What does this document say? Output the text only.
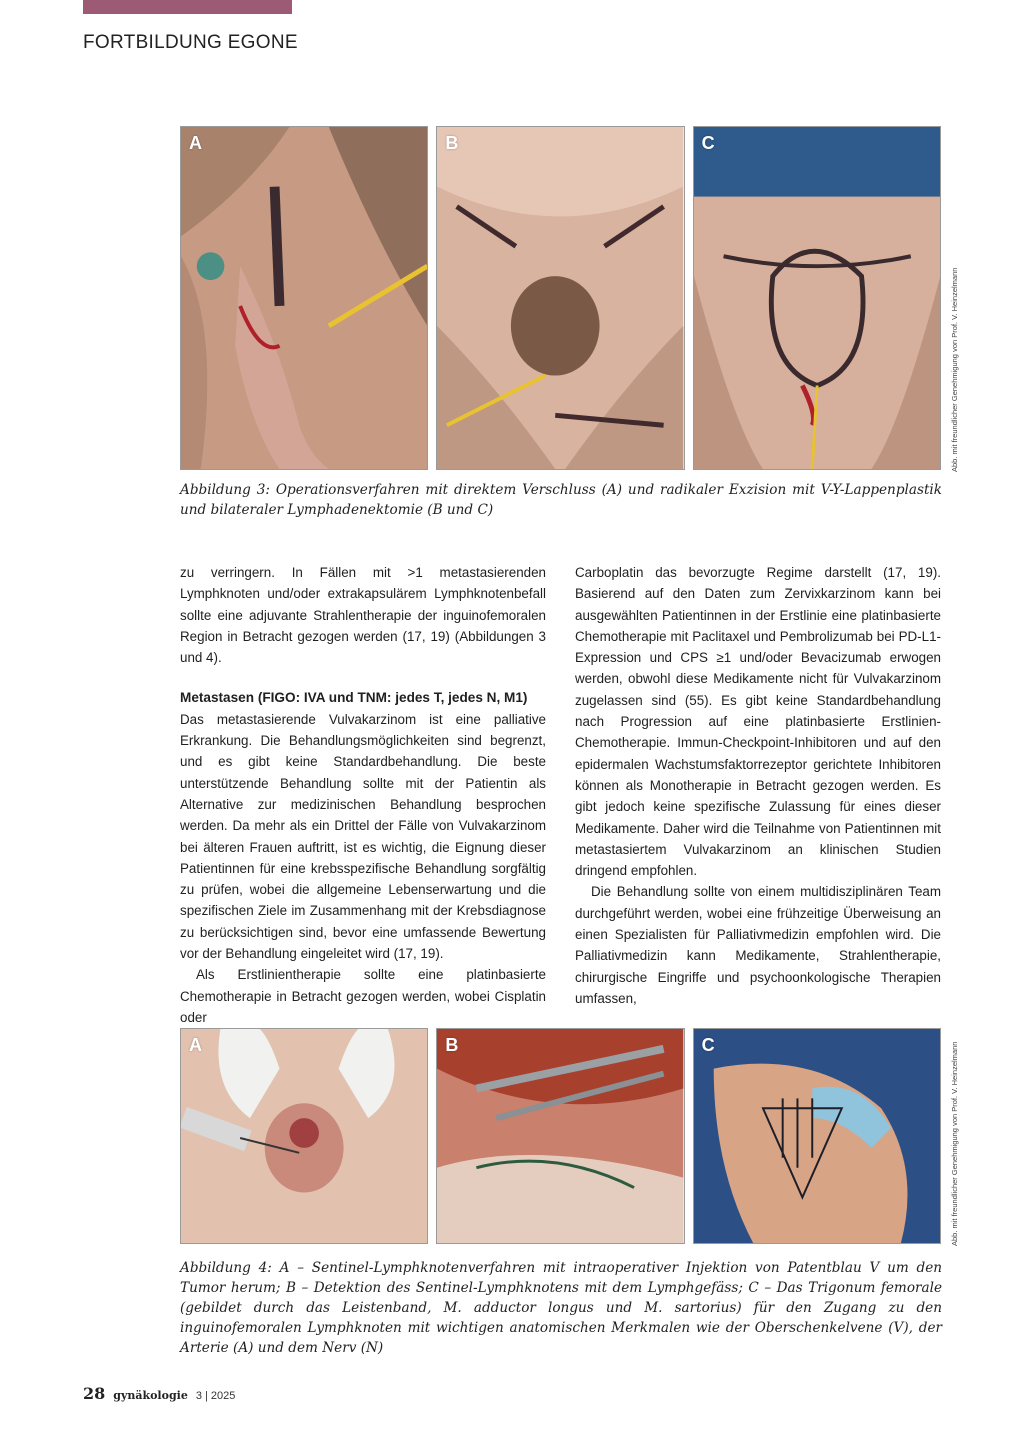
FORTBILDUNG EGONE
A	B	C
Abb. mit freundlicher Genehmigung von Prof. V. Heinzelmann
Abbildung 3: Operationsverfahren mit direktem Verschluss (A) und radikaler Exzision mit V-Y-Lappenplastik und bilateraler Lymphadenektomie (B und C)

zu verringern. In Fällen mit >1 metastasierenden Lymphknoten und/oder extrakapsulärem Lymphknotenbefall sollte eine adjuvante Strahlentherapie der inguinofemoralen Region in Betracht gezogen werden (17, 19) (Abbildungen 3 und 4).

Metastasen (FIGO: IVA und TNM: jedes T, jedes N, M1)

Das metastasierende Vulvakarzinom ist eine palliative Erkrankung. Die Behandlungsmöglichkeiten sind begrenzt, und es gibt keine Standardbehandlung. Die beste unterstützende Behandlung sollte mit der Patientin als Alternative zur medizinischen Behandlung besprochen werden. Da mehr als ein Drittel der Fälle von Vulvakarzinom bei älteren Frauen auftritt, ist es wichtig, die Eignung dieser Patientinnen für eine krebsspezifische Behandlung sorgfältig zu prüfen, wobei die allgemeine Lebenserwartung und die spezifischen Ziele im Zusammenhang mit der Krebsdiagnose zu berücksichtigen sind, bevor eine umfassende Bewertung vor der Behandlung eingeleitet wird (17, 19).

Als Erstlinientherapie sollte eine platinbasierte Chemotherapie in Betracht gezogen werden, wobei Cisplatin oder

Carboplatin das bevorzugte Regime darstellt (17, 19). Basierend auf den Daten zum Zervixkarzinom kann bei ausgewählten Patientinnen in der Erstlinie eine platinbasierte Chemotherapie mit Paclitaxel und Pembrolizumab bei PD-L1-Expression und CPS ≥1 und/oder Bevacizumab erwogen werden, obwohl diese Medikamente nicht für Vulvakarzinom zugelassen sind (55). Es gibt keine Standardbehandlung nach Progression auf eine platinbasierte Erstlinien-Chemotherapie. Immun-Checkpoint-Inhibitoren und auf den epidermalen Wachstumsfaktorrezeptor gerichtete Inhibitoren können als Monotherapie in Betracht gezogen werden. Es gibt jedoch keine spezifische Zulassung für eines dieser Medikamente. Daher wird die Teilnahme von Patientinnen mit metastasiertem Vulvakarzinom an klinischen Studien dringend empfohlen.

Die Behandlung sollte von einem multidisziplinären Team durchgeführt werden, wobei eine frühzeitige Überweisung an einen Spezialisten für Palliativmedizin empfohlen wird. Die Palliativmedizin kann Medikamente, Strahlentherapie, chirurgische Eingriffe und psychoonkologische Therapien umfassen,

A	B	C	Abb. mit freundlicher Genehmigung von Prof. V. Heinzelmann
Abbildung 4: A – Sentinel-Lymphknotenverfahren mit intraoperativer Injektion von Patentblau V um den Tumor herum; B – Detektion des Sentinel-Lymphknotens mit dem Lymphgefäss; C – Das Trigonum femorale (gebildet durch das Leistenband, M. adductor longus und M. sartorius) für den Zugang zu den inguinofemoralen Lymphknoten mit wichtigen anatomischen Merkmalen wie der Oberschenkelvene (V), der Arterie (A) und dem Nerv (N)
28 gynäkologie 3 | 2025
